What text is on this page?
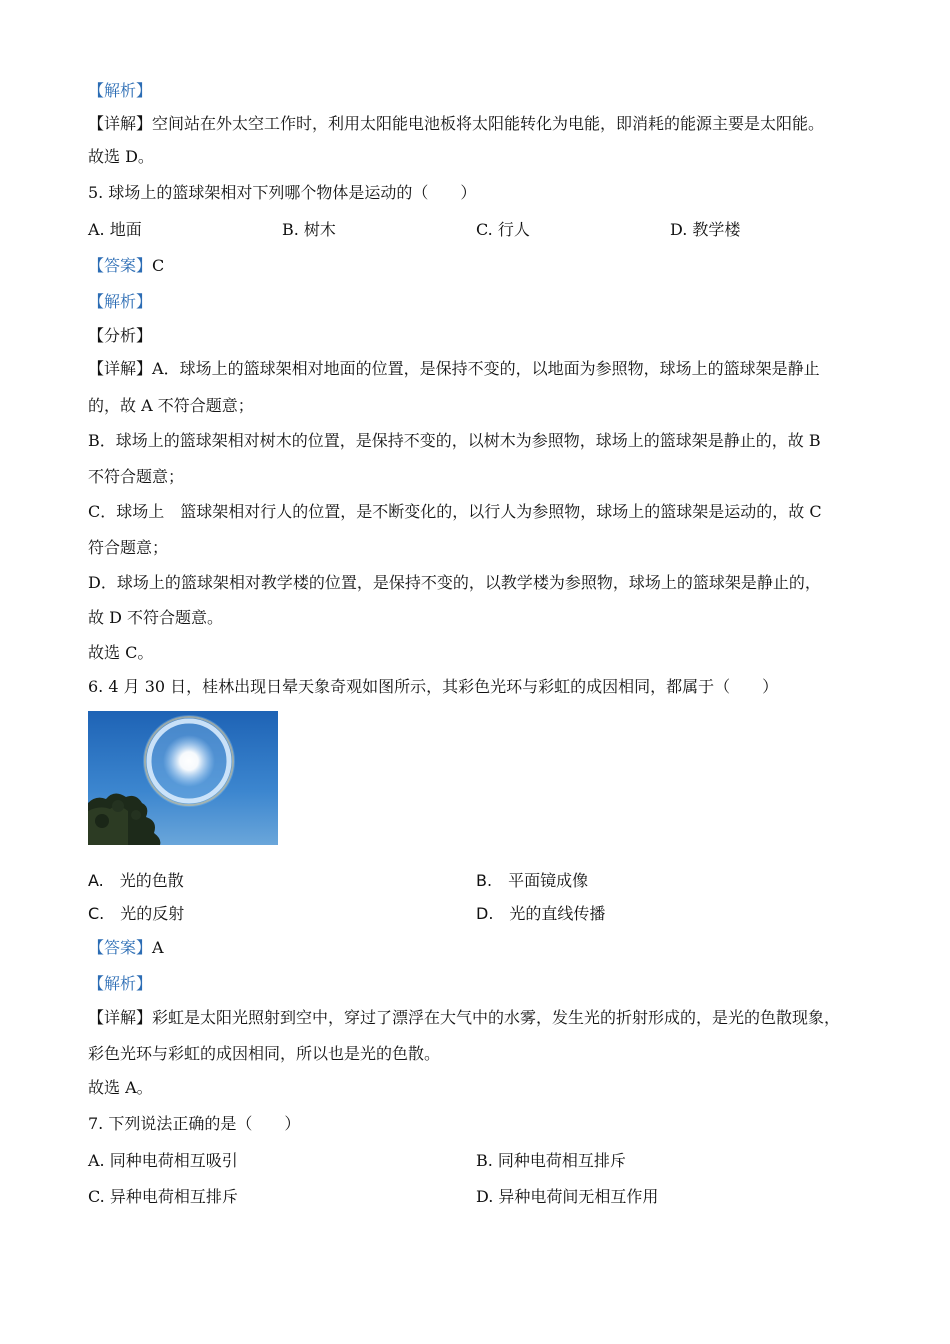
【解析】
【详解】空间站在外太空工作时，利用太阳能电池板将太阳能转化为电能，即消耗的能源主要是太阳能。
故选 D。
5. 球场上的篮球架相对下列哪个物体是运动的（　　）
A. 地面	B. 树木	C. 行人	D. 教学楼
【答案】C
【解析】
【分析】
【详解】A．球场上的篮球架相对地面的位置，是保持不变的，以地面为参照物，球场上的篮球架是静止
的，故 A 不符合题意；
B．球场上的篮球架相对树木的位置，是保持不变的，以树木为参照物，球场上的篮球架是静止的，故 B
不符合题意；
C．球场上　篮球架相对行人的位置，是不断变化的，以行人为参照物，球场上的篮球架是运动的，故 C
符合题意；
D．球场上的篮球架相对教学楼的位置，是保持不变的，以教学楼为参照物，球场上的篮球架是静止的，
故 D 不符合题意。
故选 C。
6. 4 月 30 日，桂林出现日晕天象奇观如图所示，其彩色光环与彩虹的成因相同，都属于（　　）
A.　光的色散	B.　平面镜成像
C.　光的反射	D.　光的直线传播
【答案】A
【解析】
【详解】彩虹是太阳光照射到空中，穿过了漂浮在大气中的水雾，发生光的折射形成的，是光的色散现象，
彩色光环与彩虹的成因相同，所以也是光的色散。
故选 A。
7. 下列说法正确的是（　　）
A. 同种电荷相互吸引	B. 同种电荷相互排斥
C. 异种电荷相互排斥	D. 异种电荷间无相互作用
